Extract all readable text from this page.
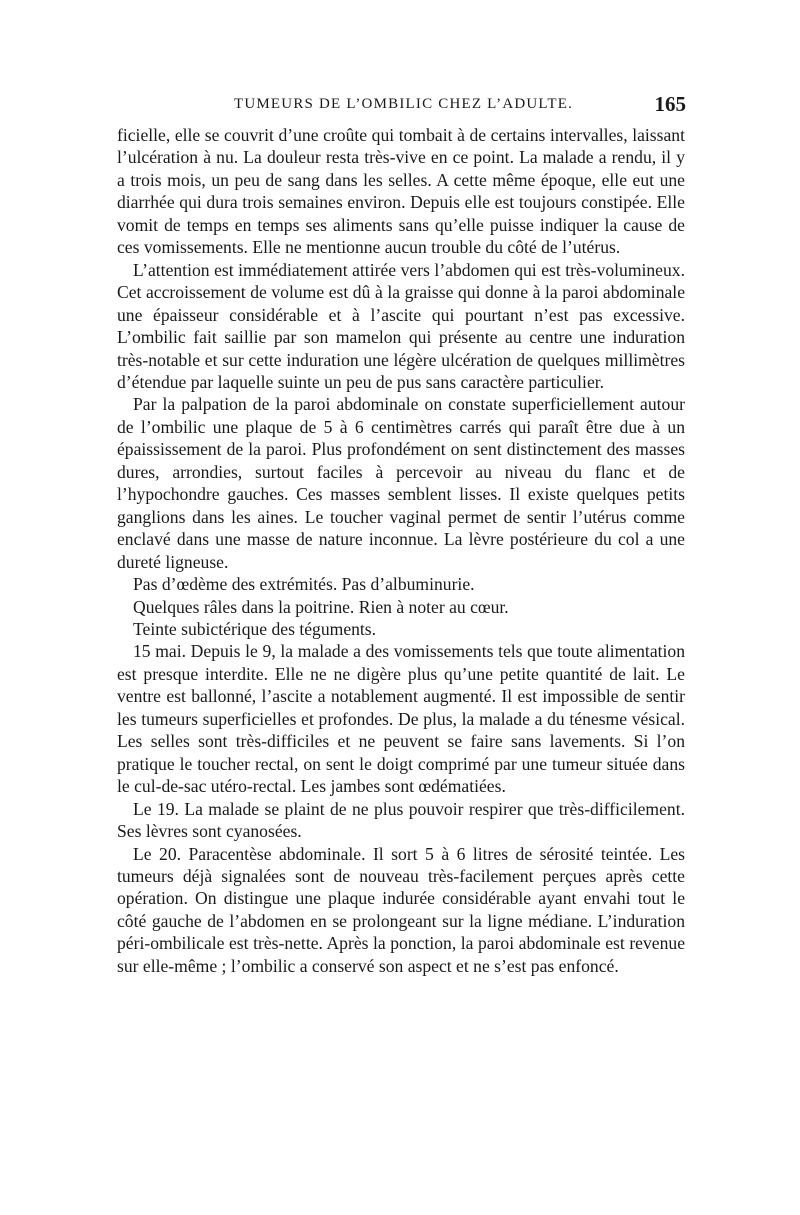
TUMEURS DE L’OMBILIC CHEZ L’ADULTE.	165

ficielle, elle se couvrit d’une croûte qui tombait à de certains intervalles, laissant l’ulcération à nu. La douleur resta très-vive en ce point. La malade a rendu, il y a trois mois, un peu de sang dans les selles. A cette même époque, elle eut une diarrhée qui dura trois semaines environ. Depuis elle est toujours constipée. Elle vomit de temps en temps ses aliments sans qu’elle puisse indiquer la cause de ces vomissements. Elle ne mentionne aucun trouble du côté de l’utérus.

L’attention est immédiatement attirée vers l’abdomen qui est très-volumineux. Cet accroissement de volume est dû à la graisse qui donne à la paroi abdominale une épaisseur considérable et à l’ascite qui pourtant n’est pas excessive. L’ombilic fait saillie par son mamelon qui présente au centre une induration très-notable et sur cette induration une légère ulcération de quelques millimètres d’étendue par laquelle suinte un peu de pus sans caractère particulier.

Par la palpation de la paroi abdominale on constate superficiellement autour de l’ombilic une plaque de 5 à 6 centimètres carrés qui paraît être due à un épaississement de la paroi. Plus profondément on sent distinctement des masses dures, arrondies, surtout faciles à percevoir au niveau du flanc et de l’hypochondre gauches. Ces masses semblent lisses. Il existe quelques petits ganglions dans les aines. Le toucher vaginal permet de sentir l’utérus comme enclavé dans une masse de nature inconnue. La lèvre postérieure du col a une dureté ligneuse.

Pas d’œdème des extrémités. Pas d’albuminurie.

Quelques râles dans la poitrine. Rien à noter au cœur.

Teinte subictérique des téguments.

15 mai. Depuis le 9, la malade a des vomissements tels que toute alimentation est presque interdite. Elle ne ne digère plus qu’une petite quantité de lait. Le ventre est ballonné, l’ascite a notablement augmenté. Il est impossible de sentir les tumeurs superficielles et profondes. De plus, la malade a du ténesme vésical. Les selles sont très-difficiles et ne peuvent se faire sans lavements. Si l’on pratique le toucher rectal, on sent le doigt comprimé par une tumeur située dans le cul-de-sac utéro-rectal. Les jambes sont œdématiées.

Le 19. La malade se plaint de ne plus pouvoir respirer que très-difficilement. Ses lèvres sont cyanosées.

Le 20. Paracentèse abdominale. Il sort 5 à 6 litres de sérosité teintée. Les tumeurs déjà signalées sont de nouveau très-facilement perçues après cette opération. On distingue une plaque indurée considérable ayant envahi tout le côté gauche de l’abdomen en se prolongeant sur la ligne médiane. L’induration péri-ombilicale est très-nette. Après la ponction, la paroi abdominale est revenue sur elle-même ; l’ombilic a conservé son aspect et ne s’est pas enfoncé.
